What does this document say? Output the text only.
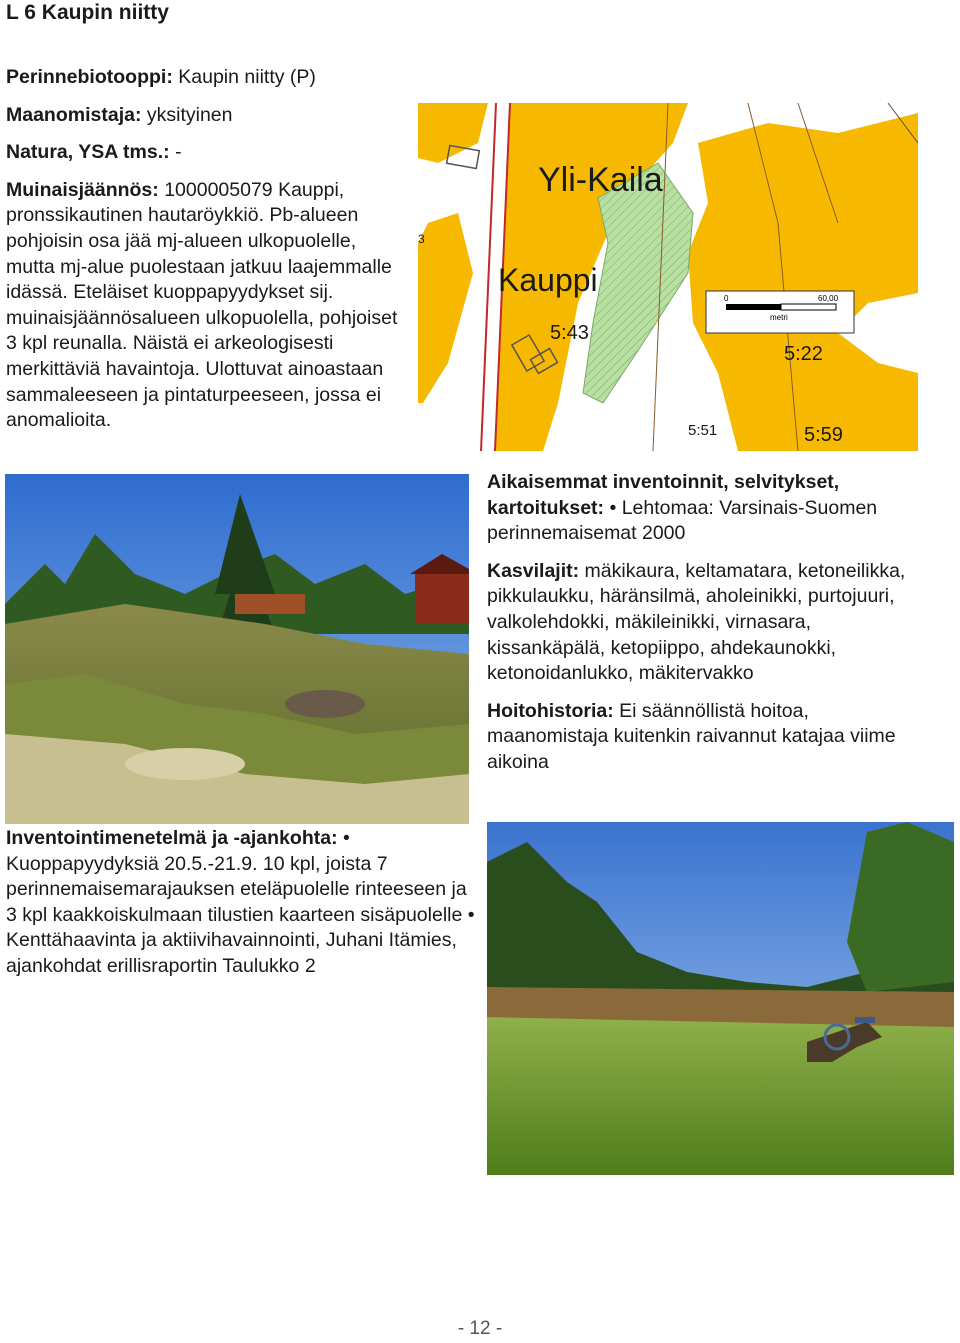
L 6 Kaupin niitty

Perinnebiotooppi: Kaupin niitty (P)

Maanomistaja: yksityinen

Natura, YSA tms.: -

Muinaisjäännös: 1000005079 Kauppi, pronssikautinen hautaröykkiö. Pb-alueen pohjoisin osa jää mj-alueen ulkopuolelle, mutta mj-alue puolestaan jatkuu laajemmalle idässä. Eteläiset kuoppapyydykset sij. muinaisjäännösalueen ulkopuolella, pohjoiset 3 kpl reunalla. Näistä ei arkeologisesti merkittäviä havaintoja. Ulottuvat ainoastaan sammaleeseen ja pintaturpeeseen, jossa ei anomalioita.

0	60,00
metri
Yli-Kaila
Kauppi
5:43
5:22
5:51	5:59
3

Aikaisemmat inventoinnit, selvitykset, kartoitukset: • Lehtomaa: Varsinais-Suomen perinnemaisemat 2000

Kasvilajit: mäkikaura, keltamatara, ketoneilikka, pikkulaukku, häränsilmä, aholeinikki, purtojuuri, valkolehdokki, mäkileinikki, virnasara, kissankäpälä, ketopiippo, ahdekaunokki, ketonoidanlukko, mäkitervakko

Hoitohistoria: Ei säännöllistä hoitoa, maanomistaja kuitenkin raivannut katajaa viime aikoina

Inventointimenetelmä ja -ajankohta: • Kuoppapyydyksiä 20.5.-21.9. 10 kpl, joista 7 perinnemaisemarajauksen eteläpuolelle rinteeseen ja 3 kpl kaakkoiskulmaan tilustien kaarteen sisäpuolelle • Kenttähaavinta ja aktiivihavainnointi, Juhani Itämies, ajankohdat erillisraportin Taulukko 2

- 12 -
